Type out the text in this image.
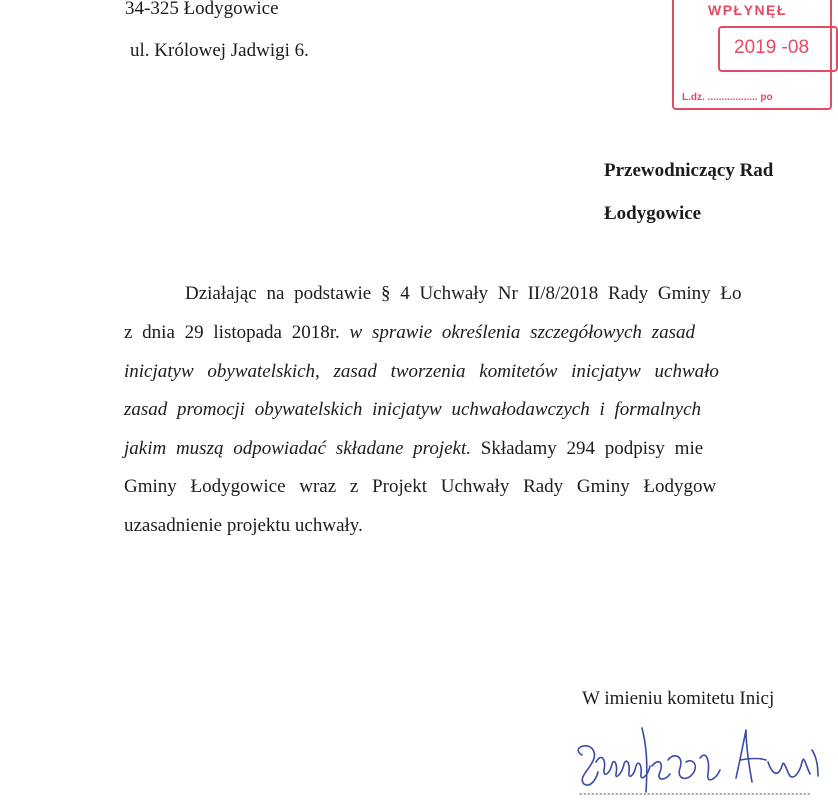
34-325 Łodygowice
ul. Królowej Jadwigi 6.
WPŁYNĘŁ
2019 -08
L.dz. .................. po
Przewodniczący Rad
Łodygowice
Działając na podstawie § 4 Uchwały Nr II/8/2018 Rady Gminy Ło
z dnia 29 listopada 2018r. w sprawie określenia szczegółowych zasad
inicjatyw obywatelskich, zasad tworzenia komitetów inicjatyw uchwało
zasad promocji obywatelskich inicjatyw uchwałodawczych i formalnych
jakim muszą odpowiadać składane projekt. Składamy 294 podpisy mie
Gminy Łodygowice wraz z Projekt Uchwały Rady Gminy Łodygow
uzasadnienie projektu uchwały.
W imieniu komitetu Inicj
